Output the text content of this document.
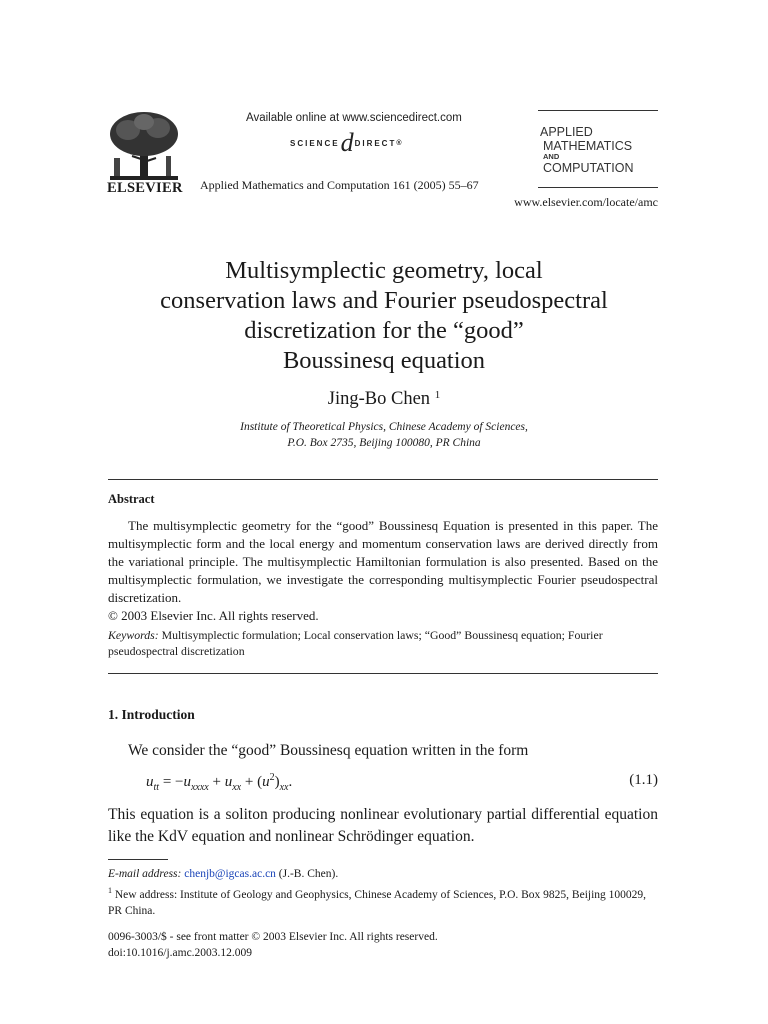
ELSEVIER
Available online at www.sciencedirect.com
SCIENCE d DIRECT ®
Applied Mathematics and Computation 161 (2005) 55–67
APPLIED
MATHEMATICS
AND
COMPUTATION
www.elsevier.com/locate/amc
Multisymplectic geometry, local
conservation laws and Fourier pseudospectral
discretization for the “good”
Boussinesq equation
Jing-Bo Chen $^1$
Institute of Theoretical Physics, Chinese Academy of Sciences,
P.O. Box 2735, Beijing 100080, PR China
Abstract

The multisymplectic geometry for the “good” Boussinesq Equation is presented in this paper. The multisymplectic form and the local energy and momentum conservation laws are derived directly from the variational principle. The multisymplectic Hamiltonian formulation is also presented. Based on the multisymplectic formulation, we investigate the corresponding multisymplectic Fourier pseudospectral discretization.

© 2003 Elsevier Inc. All rights reserved.
Keywords: Multisymplectic formulation; Local conservation laws; “Good” Boussinesq equation; Fourier pseudospectral discretization
1. Introduction
We consider the “good” Boussinesq equation written in the form
$u_{tt} = -u_{xxxx} + u_{xx} + (u^2)_{xx}$.	(1.1)
This equation is a soliton producing nonlinear evolutionary partial differential equation like the KdV equation and nonlinear Schrödinger equation.
E-mail address: chenjb@igcas.ac.cn (J.-B. Chen).
$^1$ New address: Institute of Geology and Geophysics, Chinese Academy of Sciences, P.O. Box 9825, Beijing 100029, PR China.
0096-3003/$ - see front matter © 2003 Elsevier Inc. All rights reserved.
doi:10.1016/j.amc.2003.12.009
